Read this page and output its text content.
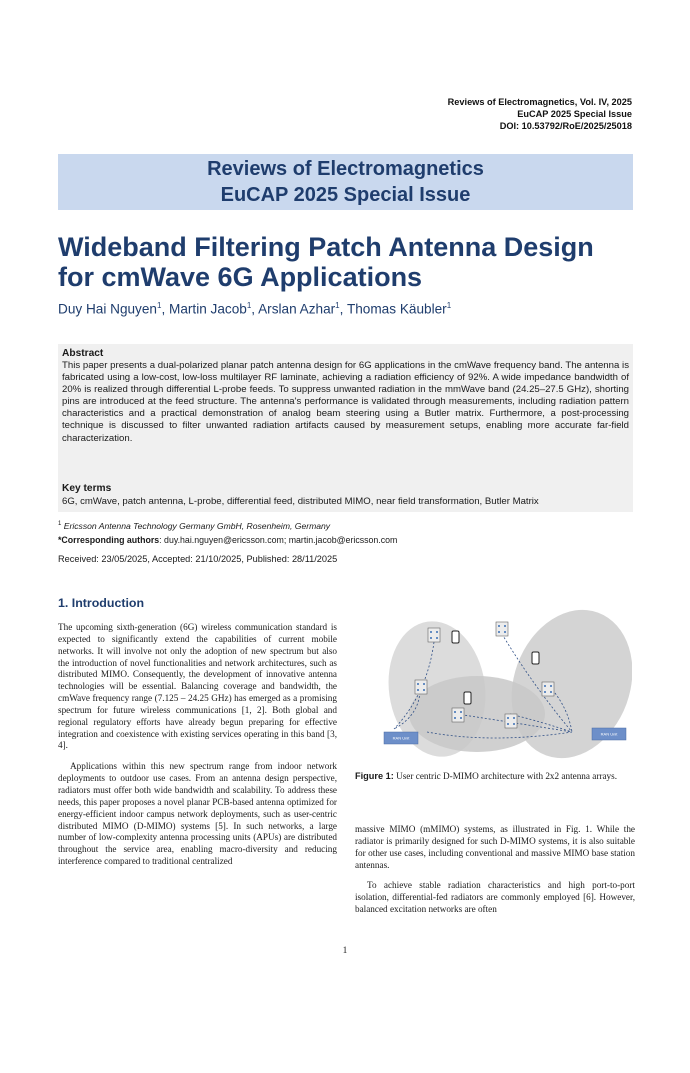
Reviews of Electromagnetics, Vol. IV, 2025
EuCAP 2025 Special Issue
DOI: 10.53792/RoE/2025/25018
Reviews of Electromagnetics
EuCAP 2025 Special Issue
Wideband Filtering Patch Antenna Design
for cmWave 6G Applications
Duy Hai Nguyen$^1$, Martin Jacob$^1$, Arslan Azhar$^1$, Thomas Käubler$^1$
Abstract
This paper presents a dual-polarized planar patch antenna design for 6G applications in the cmWave frequency band. The antenna is fabricated using a low-cost, low-loss multilayer RF laminate, achieving a radiation efficiency of 92%. A wide impedance bandwidth of 20% is realized through differential L-probe feeds. To suppress unwanted radiation in the mmWave band (24.25–27.5 GHz), shorting pins are introduced at the feed structure. The antenna's performance is validated through measurements, including radiation pattern characteristics and a practical demonstration of analog beam steering using a Butler matrix. Furthermore, a post-processing technique is discussed to filter unwanted radiation artifacts caused by measurement setups, enabling more accurate far-field characterization.
Key terms
6G, cmWave, patch antenna, L-probe, differential feed, distributed MIMO, near field transformation, Butler Matrix
$^1$ Ericsson Antenna Technology Germany GmbH, Rosenheim, Germany
*Corresponding authors: duy.hai.nguyen@ericsson.com; martin.jacob@ericsson.com
Received: 23/05/2025, Accepted: 21/10/2025, Published: 28/11/2025
1. Introduction

The upcoming sixth-generation (6G) wireless communication standard is expected to significantly extend the capabilities of current mobile networks. It will involve not only the adoption of new spectrum but also the introduction of novel functionalities and network architectures, such as distributed MIMO. Consequently, the development of innovative antenna technologies will be essential. Balancing coverage and bandwidth, the cmWave frequency range (7.125 – 24.25 GHz) has emerged as a promising spectrum for future wireless communications [1, 2]. Both global and regional regulatory efforts have already begun preparing for effective integration and coexistence with existing services operating in this band [3, 4].

Applications within this new spectrum range from indoor network deployments to outdoor use cases. From an antenna design perspective, radiators must offer both wide bandwidth and scalability. To address these needs, this paper proposes a novel planar PCB-based antenna optimized for energy-efficient indoor campus network deployments, such as user-centric distributed MIMO (D-MIMO) systems [5]. In such networks, a large number of low-complexity antenna processing units (APUs) are distributed throughout the service area, enabling macro-diversity and reducing interference compared to traditional centralized

RAN Unit
RAN Unit
Figure 1: User centric D-MIMO architecture with 2x2 antenna arrays.

massive MIMO (mMIMO) systems, as illustrated in Fig. 1. While the radiator is primarily designed for such D-MIMO systems, it is also suitable for other use cases, including conventional and massive MIMO base station antennas.

To achieve stable radiation characteristics and high port-to-port isolation, differential-fed radiators are commonly employed [6]. However, balanced excitation networks are often

1
